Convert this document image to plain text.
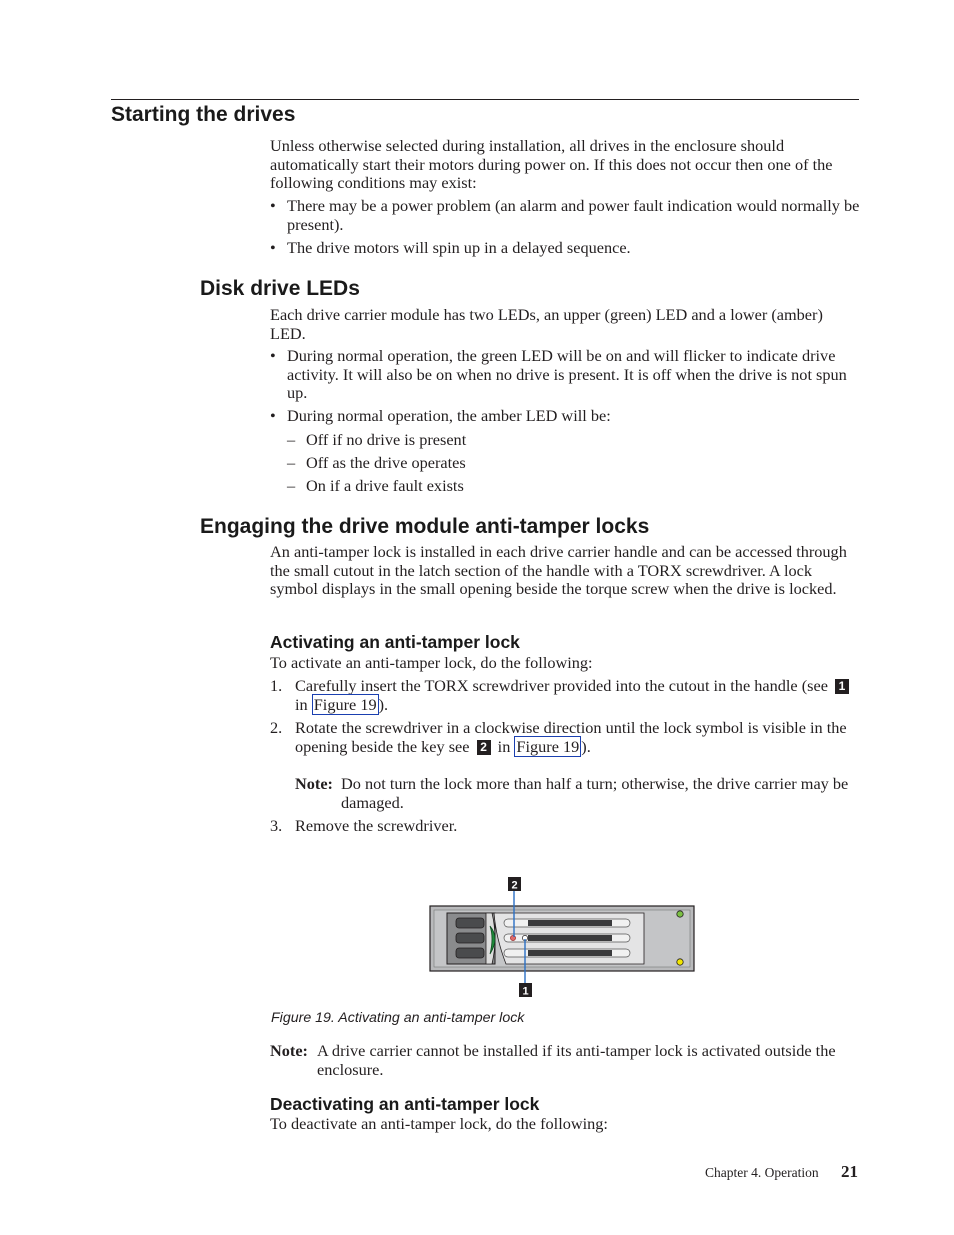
Starting the drives
Unless otherwise selected during installation, all drives in the enclosure should automatically start their motors during power on. If this does not occur then one of the following conditions may exist:
• There may be a power problem (an alarm and power fault indication would normally be present).
• The drive motors will spin up in a delayed sequence.
Disk drive LEDs
Each drive carrier module has two LEDs, an upper (green) LED and a lower (amber) LED.
• During normal operation, the green LED will be on and will flicker to indicate drive activity. It will also be on when no drive is present. It is off when the drive is not spun up.
• During normal operation, the amber LED will be:
– Off if no drive is present
– Off as the drive operates
– On if a drive fault exists
Engaging the drive module anti-tamper locks
An anti-tamper lock is installed in each drive carrier handle and can be accessed through the small cutout in the latch section of the handle with a TORX screwdriver. A lock symbol displays in the small opening beside the torque screw when the drive is locked.
Activating an anti-tamper lock
To activate an anti-tamper lock, do the following:
1. Carefully insert the TORX screwdriver provided into the cutout in the handle (see 1 in Figure 19 ).
2. Rotate the screwdriver in a clockwise direction until the lock symbol is visible in the opening beside the key see 2 in Figure 19 ).
Note: Do not turn the lock more than half a turn; otherwise, the drive carrier may be damaged.
3. Remove the screwdriver.
2
1
Figure 19. Activating an anti-tamper lock
Note: A drive carrier cannot be installed if its anti-tamper lock is activated outside the enclosure.
Deactivating an anti-tamper lock
To deactivate an anti-tamper lock, do the following:
Chapter 4. Operation 21
